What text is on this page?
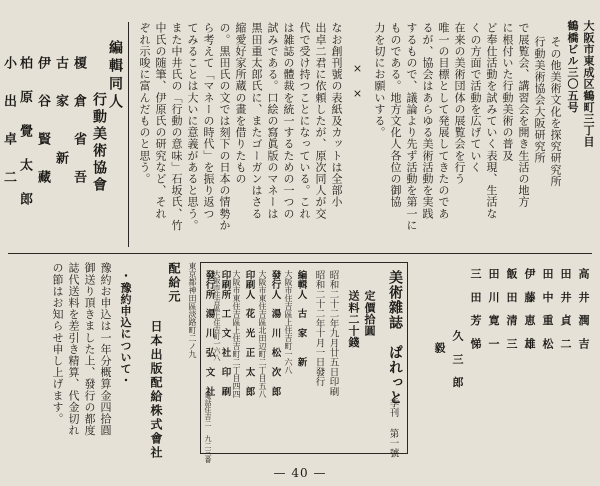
大阪市東成区鶴町三丁目
鶴橋ビル三〇五号
その他美術文化を探究研究所
行動美術協会大阪研究所
で展覧会、講習会を開き生活の地方
に根付いた行動美術の普及
ど奉仕活動を試みていく表現、生活な
くの方面で活動を広げていく
在来の美術団体の展覧会を行う
唯一の目標として発展してきたのであ
るが、協会はあらゆる美術活動を実践
するもので、議論より先ず活動を第一に
ものである。地方文化人各位の御協
力を切にお願いする。
×　×
なお創刊號の表紙及カットは全部小
出卓二君に依頼したが、原次同人が交
代で受け持つことになっている。これ
は雑誌の體裁を統一するための一つの
試みである。口絵の寫眞版のマネーは
黒田重太郎氏に、またゴーガンはさる
縮愛好家所蔵の畫を借りたもの
の。黒田氏の文では刻下の日本の情勢か
ら考えて「マネーの時代」を振り返つ
てみることは大いに意義があると思う。
また中井氏の「行動の意味」石坂氏、竹
中氏の随筆、伊原氏の研究など、それ
ぞれ示唆に富んだものと思う。
編輯同人
行動美術協會
榎　倉　省　吾
古　家　　新
伊　谷　賢　藏
柏　原　覺　太　郎
小　出　卓　二
東京都神田區淡路町二ノ九
配給元
日本出版配給株式會社	美術雜誌　ぱれっと
季刊 第一號
定價拾圓
送料二十錢
昭和二十二年九月廿五日印刷
昭和二十二年十月一日發行
編輯人　古　家　　新
大阪市住吉區上住吉町一六八
發行人　湯　川　松　次　郎
大阪市東住吉區北田辺町二丁目五八
印刷人　花　光　正　太　郎
大阪市東住吉區上住吉町二丁目四四
印刷所　工　文　社　印　刷
大阪市住吉區上住吉町一六八
發行所　湯　川　弘　文　社
電話住吉二 九二三番
高　井　潤　吉
田　井　貞　二
田　中　重　松
伊　藤　恵　雄
飯　田　清　三
田　川　寛　一
三　田　芳　悌
久　三　郎
　毅
・豫約申込について・
豫約お申込は一年分概算金四拾圓
御送り頂きました上、發行の都度
誌代送料を差引き精算、代金切れ
の節はお知らせ申し上げます。
— 40 —
